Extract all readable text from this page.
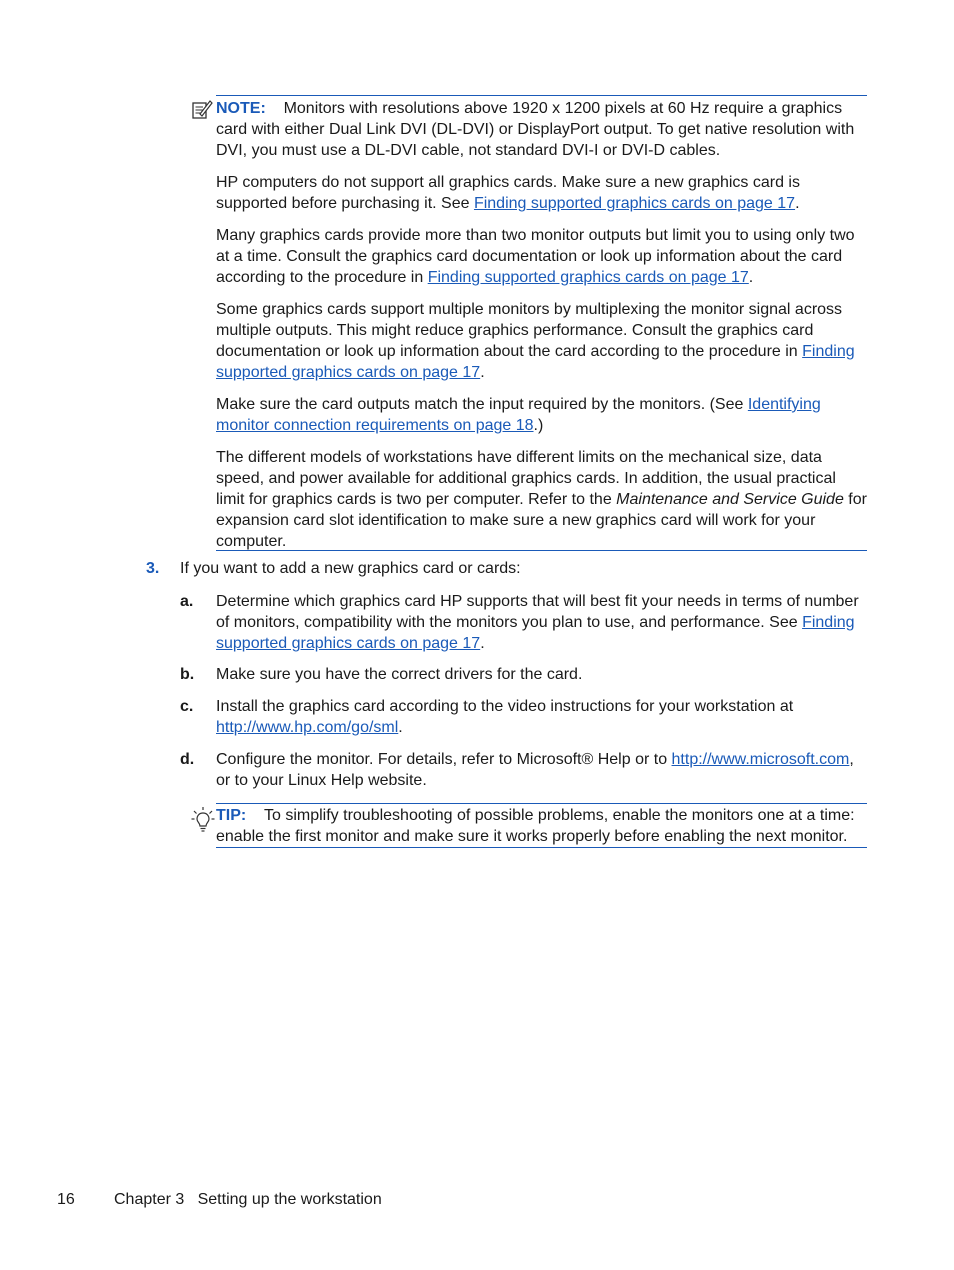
NOTE: Monitors with resolutions above 1920 x 1200 pixels at 60 Hz require a graphics card with either Dual Link DVI (DL-DVI) or DisplayPort output. To get native resolution with DVI, you must use a DL-DVI cable, not standard DVI-I or DVI-D cables.

HP computers do not support all graphics cards. Make sure a new graphics card is supported before purchasing it. See Finding supported graphics cards on page 17.

Many graphics cards provide more than two monitor outputs but limit you to using only two at a time. Consult the graphics card documentation or look up information about the card according to the procedure in Finding supported graphics cards on page 17.

Some graphics cards support multiple monitors by multiplexing the monitor signal across multiple outputs. This might reduce graphics performance. Consult the graphics card documentation or look up information about the card according to the procedure in Finding supported graphics cards on page 17.

Make sure the card outputs match the input required by the monitors. (See Identifying monitor connection requirements on page 18.)

The different models of workstations have different limits on the mechanical size, data speed, and power available for additional graphics cards. In addition, the usual practical limit for graphics cards is two per computer. Refer to the Maintenance and Service Guide for expansion card slot identification to make sure a new graphics card will work for your computer.

3. If you want to add a new graphics card or cards:
a. Determine which graphics card HP supports that will best fit your needs in terms of number of monitors, compatibility with the monitors you plan to use, and performance. See Finding supported graphics cards on page 17.
b. Make sure you have the correct drivers for the card.
c. Install the graphics card according to the video instructions for your workstation at http://www.hp.com/go/sml.
d. Configure the monitor. For details, refer to Microsoft® Help or to http://www.microsoft.com, or to your Linux Help website.

TIP: To simplify troubleshooting of possible problems, enable the monitors one at a time: enable the first monitor and make sure it works properly before enabling the next monitor.

16 Chapter 3   Setting up the workstation
